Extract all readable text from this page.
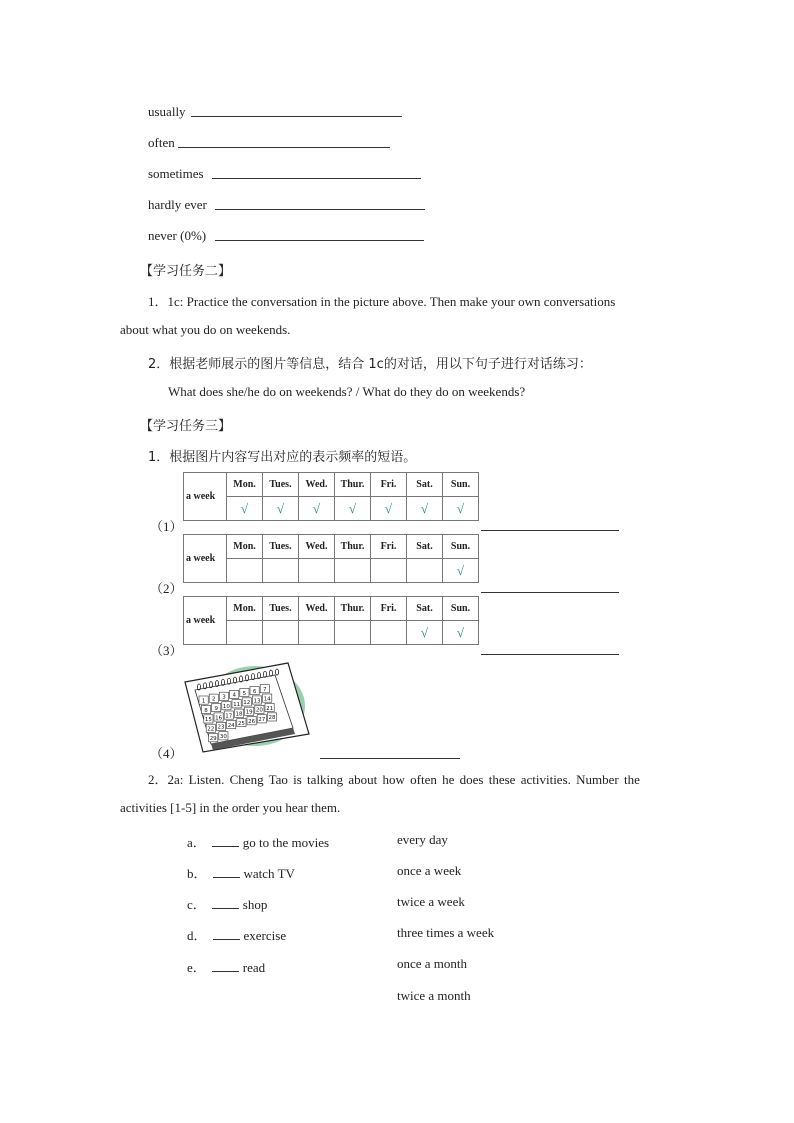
usually
often
sometimes
hardly ever
never (0%)
【学习任务二】
1．1c: Practice the conversation in the picture above. Then make your own conversations
about what you do on weekends.
2．根据老师展示的图片等信息，结合 1c的对话，用以下句子进行对话练习：
What does she/he do on weekends? / What do they do on weekends?
【学习任务三】
1．根据图片内容写出对应的表示频率的短语。
（1）
a week	Mon.	Tues.	Wed.	Thur.	Fri.	Sat.	Sun.
	√	√	√	√	√	√	√
（2）
a week	Mon.	Tues.	Wed.	Thur.	Fri.	Sat.	Sun.
							√
（3）
a week	Mon.	Tues.	Wed.	Thur.	Fri.	Sat.	Sun.
						√	√
（4）
1 2 3 4 5 6 7
8 9 10 11 12 13 14
15 16 17 18 19 20 21
22 23 24 25 26 27 28
29 30
2．2a: Listen. Cheng Tao is talking about how often he does these activities. Number the
activities [1-5] in the order you hear them.
a．	go to the movies
b．	watch TV
c．	shop
d．	exercise
e．	read
every day
once a week
twice a week
three times a week
once a month
twice a month
